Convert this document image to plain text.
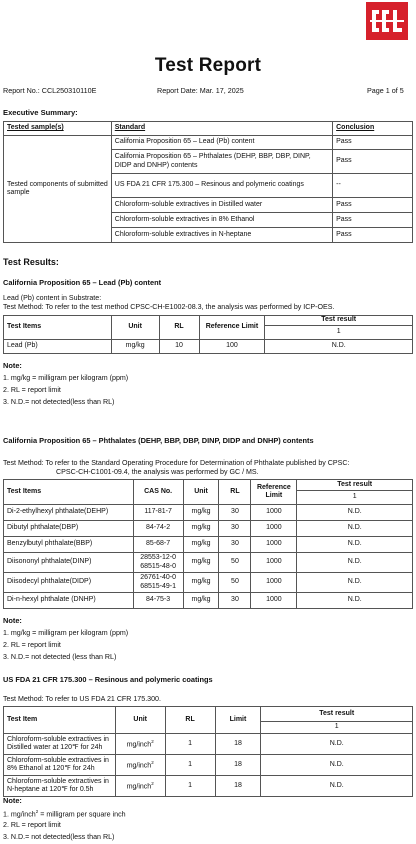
Test Report
Report No.: CCL250310110E	Report Date: Mar. 17, 2025	Page 1 of 5
Executive Summary:
Tested sample(s)	Standard	Conclusion
Tested components of submitted sample	California Proposition 65 – Lead (Pb) content	Pass
	California Proposition 65 – Phthalates (DEHP, BBP, DBP, DINP, DIDP and DNHP) contents	Pass
	US FDA 21 CFR 175.300 – Resinous and polymeric coatings	--
	Chloroform-soluble extractives in Distilled water	Pass
	Chloroform-soluble extractives in 8% Ethanol	Pass
	Chloroform-soluble extractives in N-heptane	Pass
Test Results:
California Proposition 65 – Lead (Pb) content
Lead (Pb) content in Substrate:
Test Method: To refer to the test method CPSC-CH-E1002-08.3, the analysis was performed by ICP-OES.
Test Items	Unit	RL	Reference Limit	Test result
				1
Lead (Pb)	mg/kg	10	100	N.D.
Note:
1. mg/kg = milligram per kilogram (ppm)
2. RL = report limit
3. N.D.= not detected(less than RL)
California Proposition 65 – Phthalates (DEHP, BBP, DBP, DINP, DIDP and DNHP) contents
Test Method: To refer to the Standard Operating Procedure for Determination of Phthalate published by CPSC:
CPSC-CH-C1001-09.4, the analysis was performed by GC / MS.
Test Items	CAS No.	Unit	RL	Reference Limit	Test result
					1
Di-2-ethylhexyl phthalate(DEHP)	117-81-7	mg/kg	30	1000	N.D.
Dibutyl phthalate(DBP)	84-74-2	mg/kg	30	1000	N.D.
Benzylbutyl phthalate(BBP)	85-68-7	mg/kg	30	1000	N.D.
Diisononyl phthalate(DINP)	28553-12-0 68515-48-0	mg/kg	50	1000	N.D.
Diisodecyl phthalate(DIDP)	26761-40-0 68515-49-1	mg/kg	50	1000	N.D.
Di-n-hexyl phthalate (DNHP)	84-75-3	mg/kg	30	1000	N.D.
Note:
1. mg/kg = milligram per kilogram (ppm)
2. RL = report limit
3. N.D.= not detected (less than RL)
US FDA 21 CFR 175.300 – Resinous and polymeric coatings
Test Method: To refer to US FDA 21 CFR 175.300.
Test Item	Unit	RL	Limit	Test result
				1
Chloroform-soluble extractives in Distilled water at 120℉ for 24h	mg/inch$^2$	1	18	N.D.
Chloroform-soluble extractives in 8% Ethanol at 120℉ for 24h	mg/inch$^2$	1	18	N.D.
Chloroform-soluble extractives in N-heptane at 120℉ for 0.5h	mg/inch$^2$	1	18	N.D.
Note:
1. mg/inch$^2$ = milligram per square inch
2. RL = report limit
3. N.D.= not detected(less than RL)
